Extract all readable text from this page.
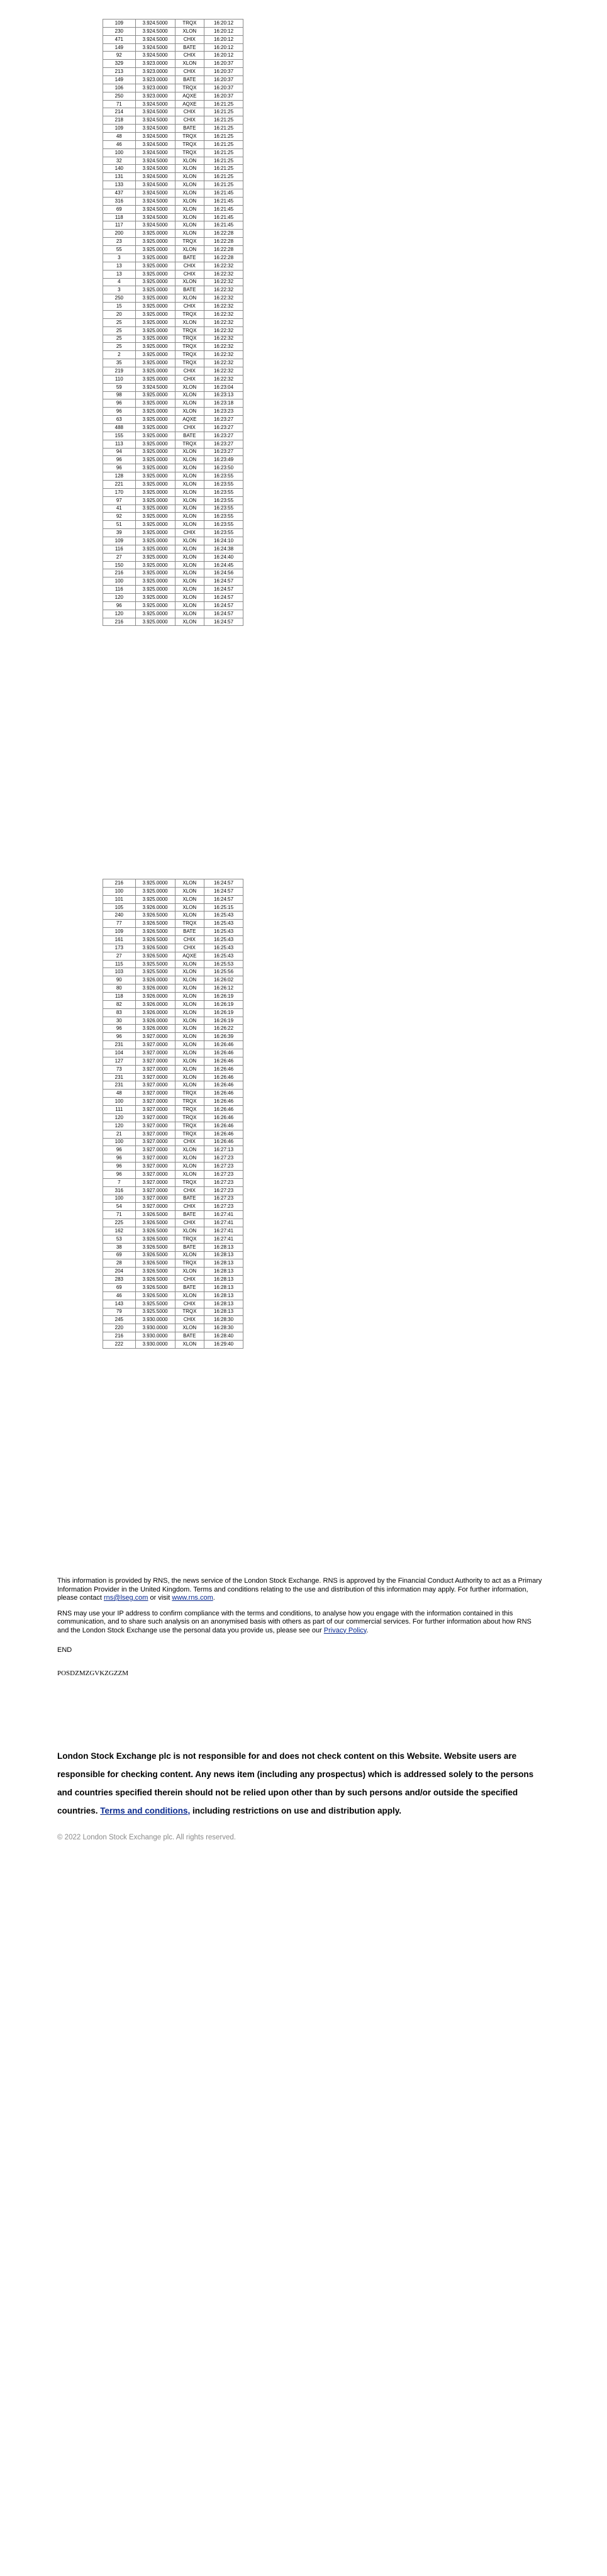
109	3.924.5000	TRQX	16:20:12
230	3.924.5000	XLON	16:20:12
471	3.924.5000	CHIX	16:20:12
149	3.924.5000	BATE	16:20:12
92	3.924.5000	CHIX	16:20:12
329	3.923.0000	XLON	16:20:37
213	3.923.0000	CHIX	16:20:37
149	3.923.0000	BATE	16:20:37
106	3.923.0000	TRQX	16:20:37
250	3.923.0000	AQXE	16:20:37
71	3.924.5000	AQXE	16:21:25
214	3.924.5000	CHIX	16:21:25
218	3.924.5000	CHIX	16:21:25
109	3.924.5000	BATE	16:21:25
48	3.924.5000	TRQX	16:21:25
46	3.924.5000	TRQX	16:21:25
100	3.924.5000	TRQX	16:21:25
32	3.924.5000	XLON	16:21:25
140	3.924.5000	XLON	16:21:25
131	3.924.5000	XLON	16:21:25
133	3.924.5000	XLON	16:21:25
437	3.924.5000	XLON	16:21:45
316	3.924.5000	XLON	16:21:45
69	3.924.5000	XLON	16:21:45
118	3.924.5000	XLON	16:21:45
117	3.924.5000	XLON	16:21:45
200	3.925.0000	XLON	16:22:28
23	3.925.0000	TRQX	16:22:28
55	3.925.0000	XLON	16:22:28
3	3.925.0000	BATE	16:22:28
13	3.925.0000	CHIX	16:22:32
13	3.925.0000	CHIX	16:22:32
4	3.925.0000	XLON	16:22:32
3	3.925.0000	BATE	16:22:32
250	3.925.0000	XLON	16:22:32
15	3.925.0000	CHIX	16:22:32
20	3.925.0000	TRQX	16:22:32
25	3.925.0000	XLON	16:22:32
25	3.925.0000	TRQX	16:22:32
25	3.925.0000	TRQX	16:22:32
25	3.925.0000	TRQX	16:22:32
2	3.925.0000	TRQX	16:22:32
35	3.925.0000	TRQX	16:22:32
219	3.925.0000	CHIX	16:22:32
110	3.925.0000	CHIX	16:22:32
59	3.924.5000	XLON	16:23:04
98	3.925.0000	XLON	16:23:13
96	3.925.0000	XLON	16:23:18
96	3.925.0000	XLON	16:23:23
63	3.925.0000	AQXE	16:23:27
488	3.925.0000	CHIX	16:23:27
155	3.925.0000	BATE	16:23:27
113	3.925.0000	TRQX	16:23:27
94	3.925.0000	XLON	16:23:27
96	3.925.0000	XLON	16:23:49
96	3.925.0000	XLON	16:23:50
128	3.925.0000	XLON	16:23:55
221	3.925.0000	XLON	16:23:55
170	3.925.0000	XLON	16:23:55
97	3.925.0000	XLON	16:23:55
41	3.925.0000	XLON	16:23:55
92	3.925.0000	XLON	16:23:55
51	3.925.0000	XLON	16:23:55
39	3.925.0000	CHIX	16:23:55
109	3.925.0000	XLON	16:24:10
116	3.925.0000	XLON	16:24:38
27	3.925.0000	XLON	16:24:40
150	3.925.0000	XLON	16:24:45
216	3.925.0000	XLON	16:24:56
100	3.925.0000	XLON	16:24:57
116	3.925.0000	XLON	16:24:57
120	3.925.0000	XLON	16:24:57
96	3.925.0000	XLON	16:24:57
120	3.925.0000	XLON	16:24:57
216	3.925.0000	XLON	16:24:57
216	3.925.0000	XLON	16:24:57
100	3.925.0000	XLON	16:24:57
101	3.925.0000	XLON	16:24:57
105	3.926.0000	XLON	16:25:15
240	3.926.5000	XLON	16:25:43
77	3.926.5000	TRQX	16:25:43
109	3.926.5000	BATE	16:25:43
161	3.926.5000	CHIX	16:25:43
173	3.926.5000	CHIX	16:25:43
27	3.926.5000	AQXE	16:25:43
115	3.925.5000	XLON	16:25:53
103	3.925.5000	XLON	16:25:56
90	3.926.0000	XLON	16:26:02
80	3.926.0000	XLON	16:26:12
118	3.926.0000	XLON	16:26:19
82	3.926.0000	XLON	16:26:19
83	3.926.0000	XLON	16:26:19
30	3.926.0000	XLON	16:26:19
96	3.926.0000	XLON	16:26:22
96	3.927.0000	XLON	16:26:39
231	3.927.0000	XLON	16:26:46
104	3.927.0000	XLON	16:26:46
127	3.927.0000	XLON	16:26:46
73	3.927.0000	XLON	16:26:46
231	3.927.0000	XLON	16:26:46
231	3.927.0000	XLON	16:26:46
48	3.927.0000	TRQX	16:26:46
100	3.927.0000	TRQX	16:26:46
111	3.927.0000	TRQX	16:26:46
120	3.927.0000	TRQX	16:26:46
120	3.927.0000	TRQX	16:26:46
21	3.927.0000	TRQX	16:26:46
100	3.927.0000	CHIX	16:26:46
96	3.927.0000	XLON	16:27:13
96	3.927.0000	XLON	16:27:23
96	3.927.0000	XLON	16:27:23
96	3.927.0000	XLON	16:27:23
7	3.927.0000	TRQX	16:27:23
316	3.927.0000	CHIX	16:27:23
100	3.927.0000	BATE	16:27:23
54	3.927.0000	CHIX	16:27:23
71	3.926.5000	BATE	16:27:41
225	3.926.5000	CHIX	16:27:41
162	3.926.5000	XLON	16:27:41
53	3.926.5000	TRQX	16:27:41
38	3.926.5000	BATE	16:28:13
69	3.926.5000	XLON	16:28:13
28	3.926.5000	TRQX	16:28:13
204	3.926.5000	XLON	16:28:13
283	3.926.5000	CHIX	16:28:13
69	3.926.5000	BATE	16:28:13
46	3.926.5000	XLON	16:28:13
143	3.925.5000	CHIX	16:28:13
79	3.925.5000	TRQX	16:28:13
245	3.930.0000	CHIX	16:28:30
220	3.930.0000	XLON	16:28:30
216	3.930.0000	BATE	16:28:40
222	3.930.0000	XLON	16:29:40

This information is provided by RNS, the news service of the London Stock Exchange. RNS is approved by the Financial Conduct Authority to act as a Primary Information Provider in the United Kingdom. Terms and conditions relating to the use and distribution of this information may apply. For further information, please contact rns@lseg.com or visit www.rns.com.

RNS may use your IP address to confirm compliance with the terms and conditions, to analyse how you engage with the information contained in this communication, and to share such analysis on an anonymised basis with others as part of our commercial services. For further information about how RNS and the London Stock Exchange use the personal data you provide us, please see our Privacy Policy.

END
POSDZMZGVKZGZZM
London Stock Exchange plc is not responsible for and does not check content on this Website. Website users are responsible for checking content. Any news item (including any prospectus) which is addressed solely to the persons and countries specified therein should not be relied upon other than by such persons and/or outside the specified countries. Terms and conditions, including restrictions on use and distribution apply.
© 2022 London Stock Exchange plc. All rights reserved.
